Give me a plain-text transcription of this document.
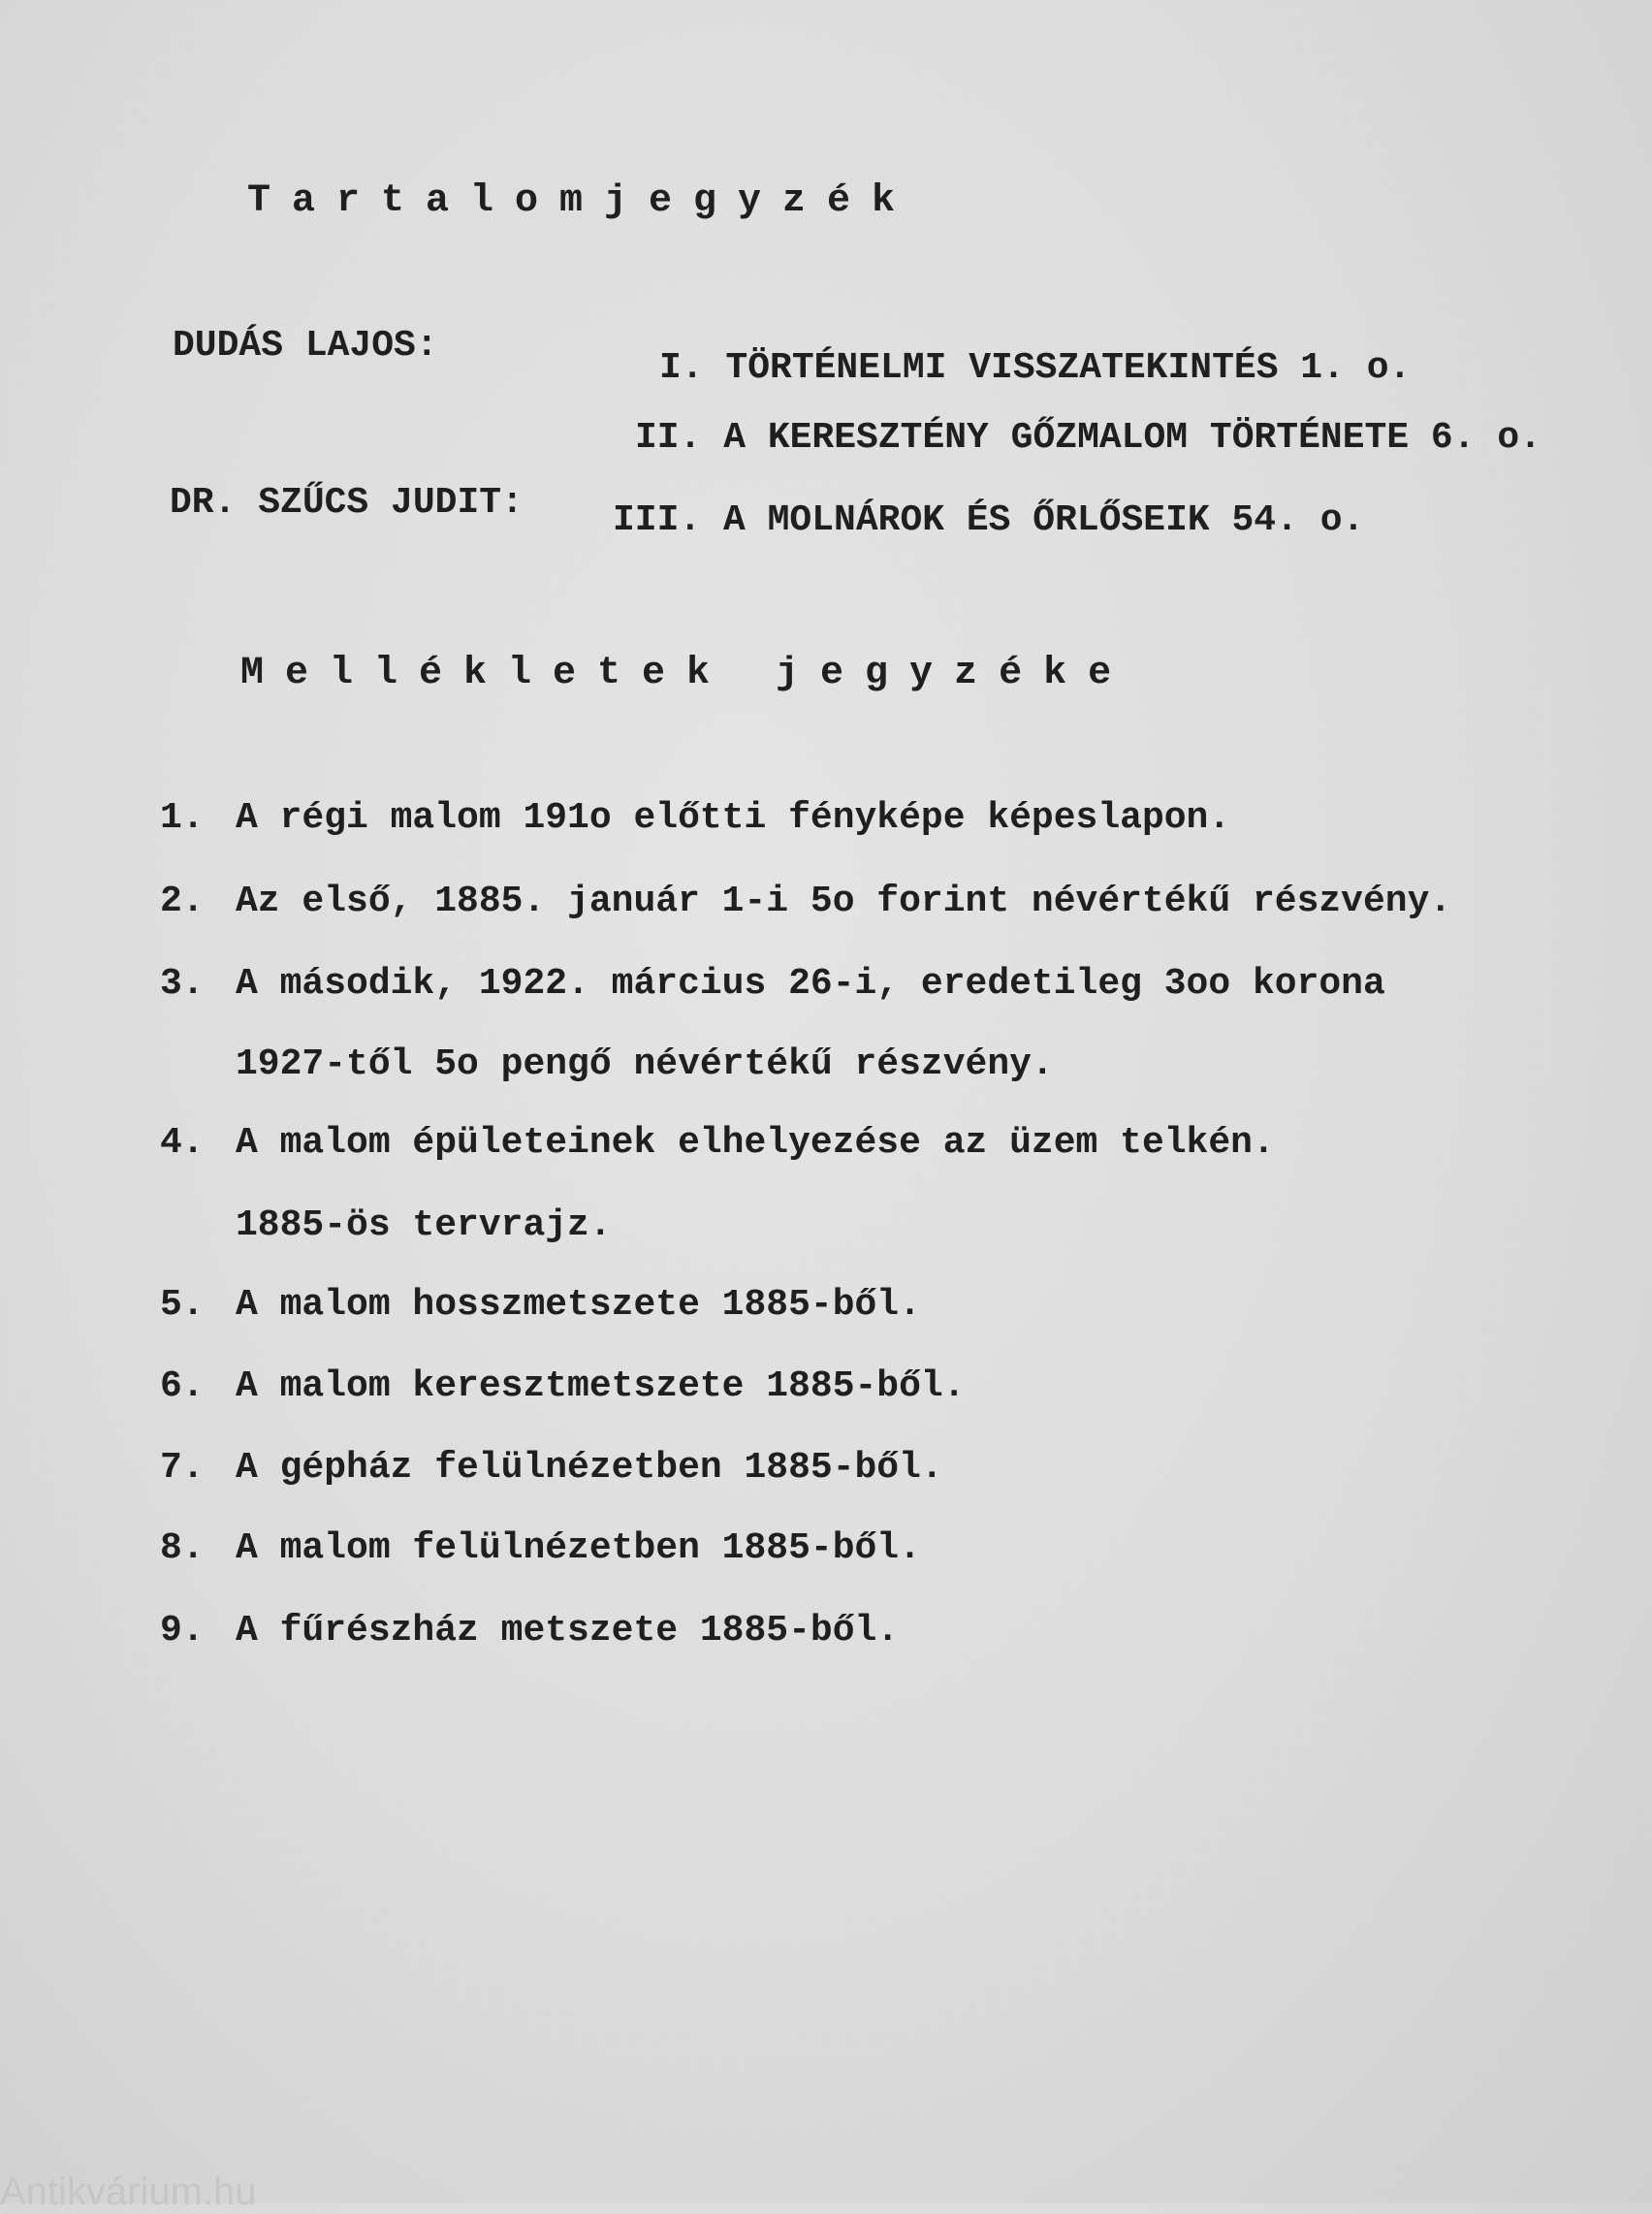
Tartalomjegyzék
DUDÁS LAJOS:
I. TÖRTÉNELMI VISSZATEKINTÉS 1. o.
II. A KERESZTÉNY GŐZMALOM TÖRTÉNETE 6. o.
DR. SZŰCS JUDIT: III. A MOLNÁROK ÉS ŐRLŐSEIK 54. o.
Mellékletek jegyzéke
1. A régi malom 191o előtti fényképe képeslapon.
2. Az első, 1885. január 1-i 5o forint névértékű részvény.
3. A második, 1922. március 26-i, eredetileg 3oo korona
1927-től 5o pengő névértékű részvény.
4. A malom épületeinek elhelyezése az üzem telkén.
1885-ös tervrajz.
5. A malom hosszmetszete 1885-ből.
6. A malom keresztmetszete 1885-ből.
7. A gépház felülnézetben 1885-ből.
8. A malom felülnézetben 1885-ből.
9. A fűrészház metszete 1885-ből.
Antikvárium.hu
